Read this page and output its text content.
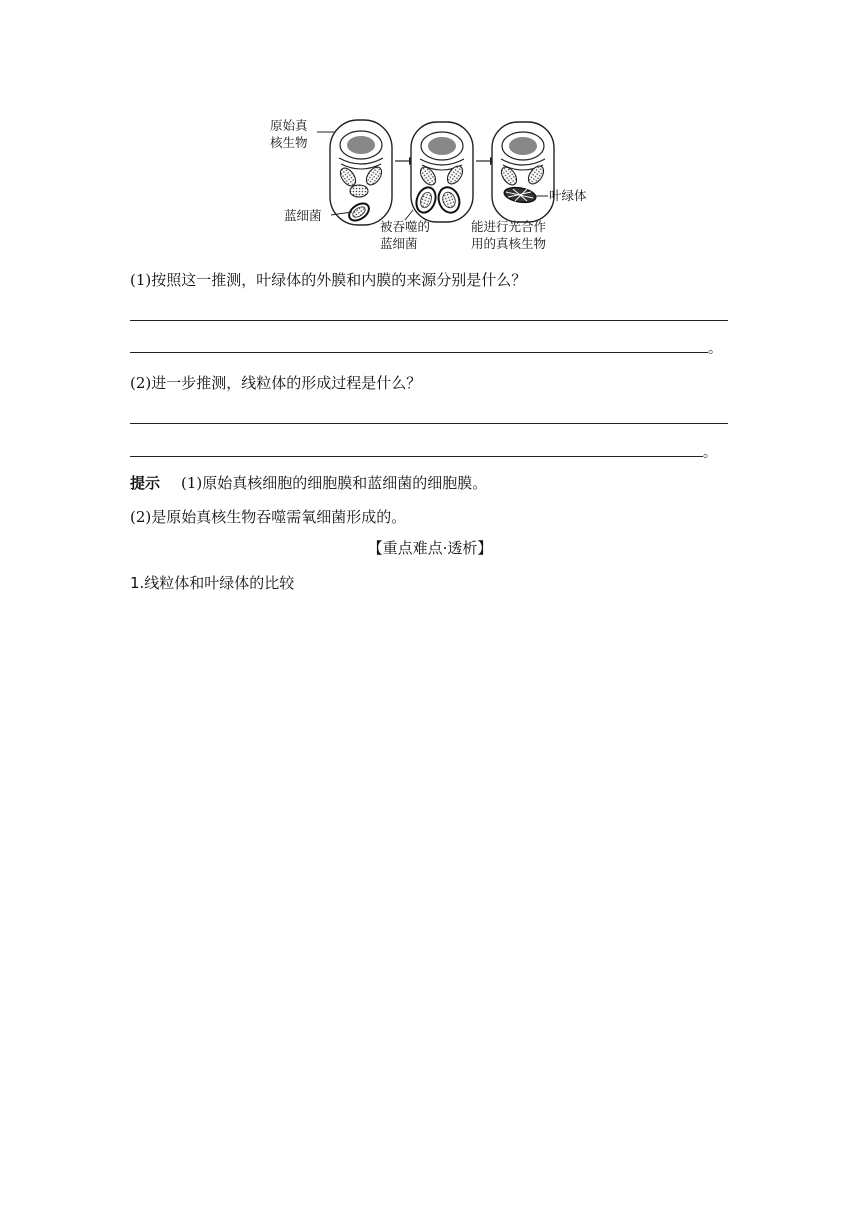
原始真
核生物
蓝细菌
被吞噬的
蓝细菌
能进行光合作
用的真核生物
叶绿体
(1)按照这一推测，叶绿体的外膜和内膜的来源分别是什么？
。
(2)进一步推测，线粒体的形成过程是什么？
。
提示 (1)原始真核细胞的细胞膜和蓝细菌的细胞膜。
(2)是原始真核生物吞噬需氧细菌形成的。
【重点难点·透析】
1.线粒体和叶绿体的比较
